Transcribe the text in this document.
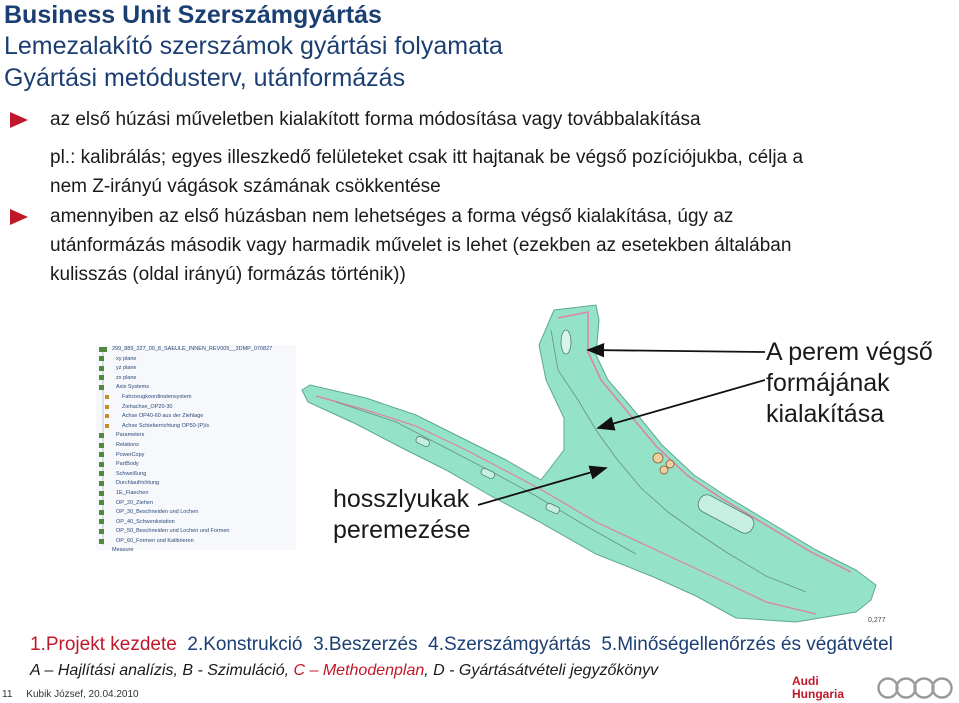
Business Unit Szerszámgyártás
Lemezalakító szerszámok gyártási folyamata
Gyártási metódusterv, utánformázás
az első húzási műveletben kialakított forma módosítása vagy továbbalakítása
pl.: kalibrálás; egyes illeszkedő felületeket csak itt hajtanak be végső pozíciójukba, célja a
nem Z-irányú vágások számának csökkentése
amennyiben az első húzásban nem lehetséges a forma végső kialakítása, úgy az
utánformázás második vagy harmadik művelet is lehet (ezekben az esetekben általában
kulisszás (oldal irányú) formázás történik))
299_889_227_00_8_SAEULE_INNEN_REV005__3DMP_070827
xy plane
yz plane
zx plane
Axis Systems
Fahrzeugkoordinatensystem
Ziehachse_OP20-30
Achse OP40-60 aus der Ziehlage
Achse Schieberrichtung OP50-(P)/s
Parameters
Relations
PowerCopy
PartBody
Schweißung
Durchlaufrichtung
1E_Flaechen
OP_20_Ziehen
OP_30_Beschneiden und Lochen
OP_40_Schwenkstation
OP_50_Beschneiden und Lochen und Formen
OP_60_Formen und Kalibrieren
Measure
0,277
A perem végső
formájának
kialakítása
hosszlyukak
peremezése
1.Projekt kezdete 2.Konstrukció 3.Beszerzés 4.Szerszámgyártás 5.Minőségellenőrzés és végátvétel
A – Hajlítási analízis, B - Szimuláció, C – Methodenplan, D - Gyártásátvételi jegyzőkönyv
11 Kubik József, 20.04.2010
Audi
Hungaria
